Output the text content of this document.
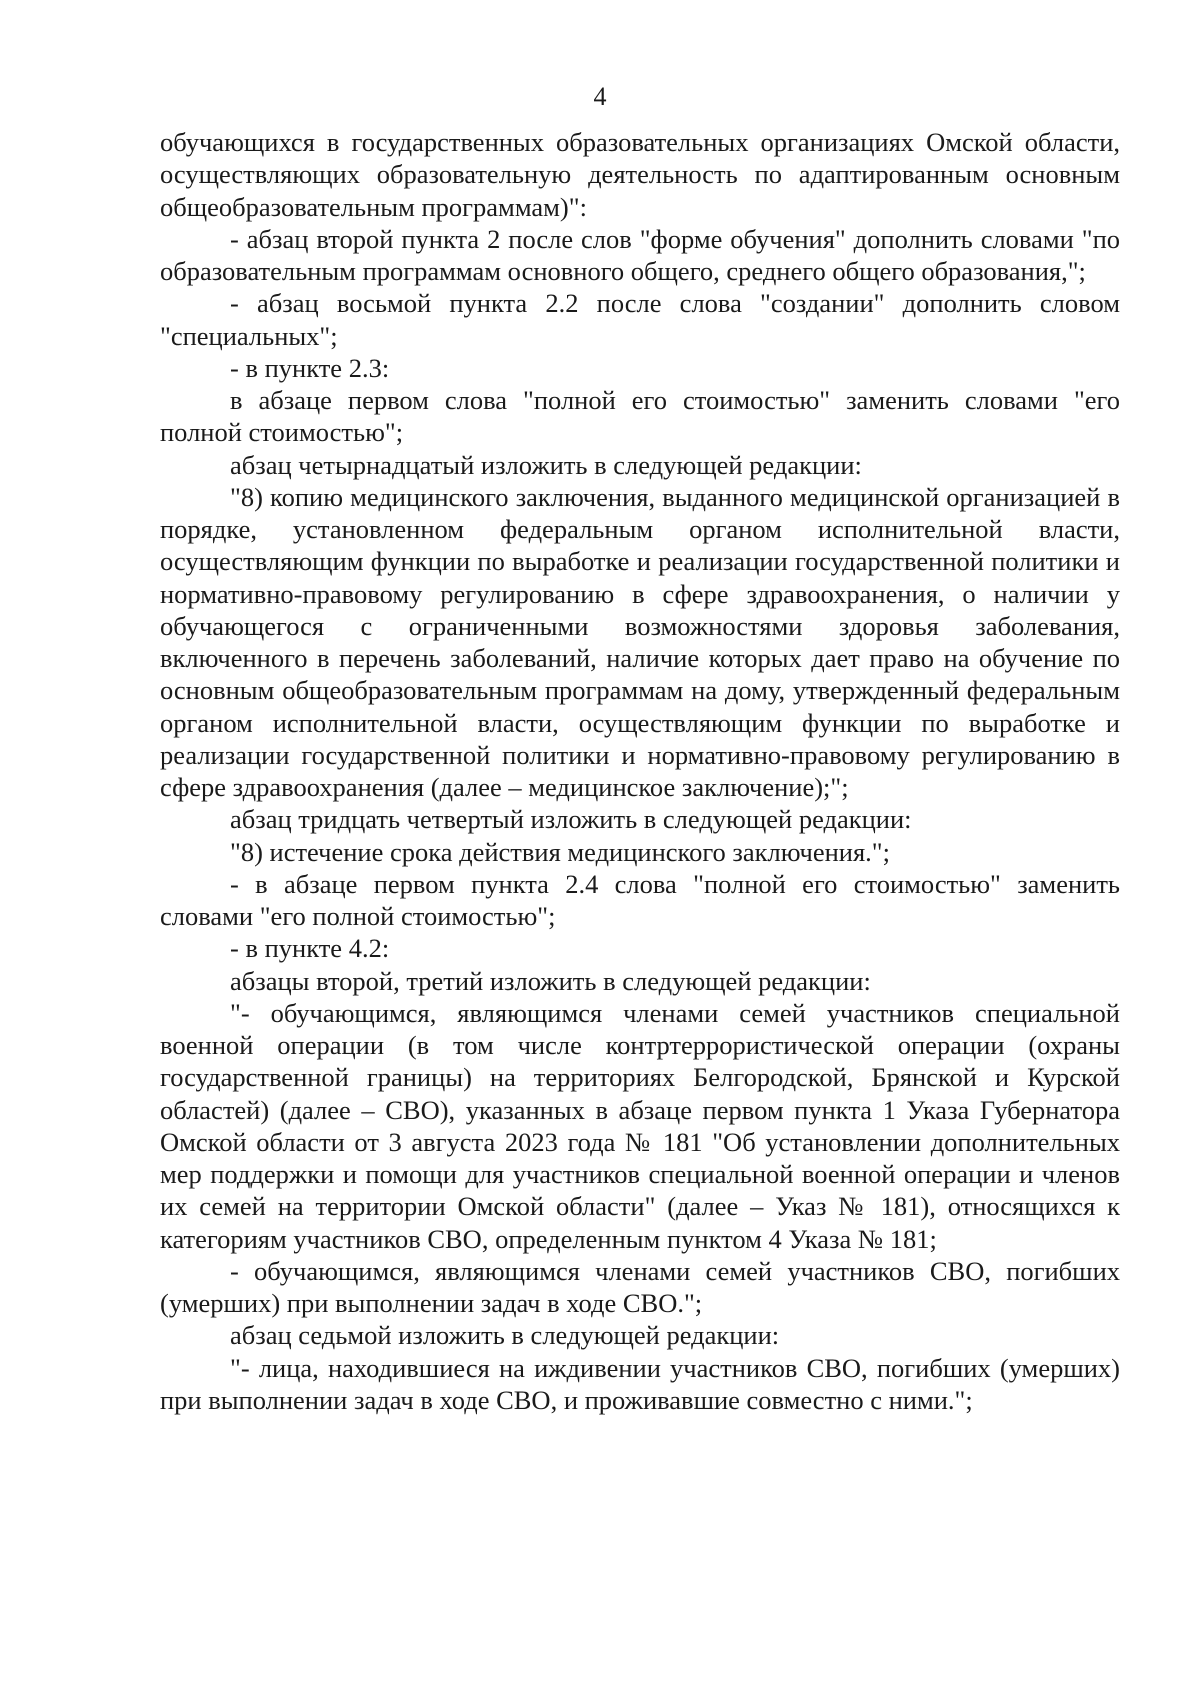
4

обучающихся в государственных образовательных организациях Омской области, осуществляющих образовательную деятельность по адаптированным основным общеобразовательным программам)":

- абзац второй пункта 2 после слов "форме обучения" дополнить словами "по образовательным программам основного общего, среднего общего образования,";

- абзац восьмой пункта 2.2 после слова "создании" дополнить словом "специальных";

- в пункте 2.3:

в абзаце первом слова "полной его стоимостью" заменить словами "его полной стоимостью";

абзац четырнадцатый изложить в следующей редакции:

"8) копию медицинского заключения, выданного медицинской организацией в порядке, установленном федеральным органом исполнительной власти, осуществляющим функции по выработке и реализации государственной политики и нормативно-правовому регулированию в сфере здравоохранения, о наличии у обучающегося с ограниченными возможностями здоровья заболевания, включенного в перечень заболеваний, наличие которых дает право на обучение по основным общеобразовательным программам на дому, утвержденный федеральным органом исполнительной власти, осуществляющим функции по выработке и реализации государственной политики и нормативно-правовому регулированию в сфере здравоохранения (далее – медицинское заключение);";

абзац тридцать четвертый изложить в следующей редакции:

"8) истечение срока действия медицинского заключения.";

- в абзаце первом пункта 2.4 слова "полной его стоимостью" заменить словами "его полной стоимостью";

- в пункте 4.2:

абзацы второй, третий изложить в следующей редакции:

"- обучающимся, являющимся членами семей участников специальной военной операции (в том числе контртеррористической операции (охраны государственной границы) на территориях Белгородской, Брянской и Курской областей) (далее – СВО), указанных в абзаце первом пункта 1 Указа Губернатора Омской области от 3 августа 2023 года № 181 "Об установлении дополнительных мер поддержки и помощи для участников специальной военной операции и членов их семей на территории Омской области" (далее – Указ № 181), относящихся к категориям участников СВО, определенным пунктом 4 Указа № 181;

- обучающимся, являющимся членами семей участников СВО, погибших (умерших) при выполнении задач в ходе СВО.";

абзац седьмой изложить в следующей редакции:

"- лица, находившиеся на иждивении участников СВО, погибших (умерших) при выполнении задач в ходе СВО, и проживавшие совместно с ними.";
